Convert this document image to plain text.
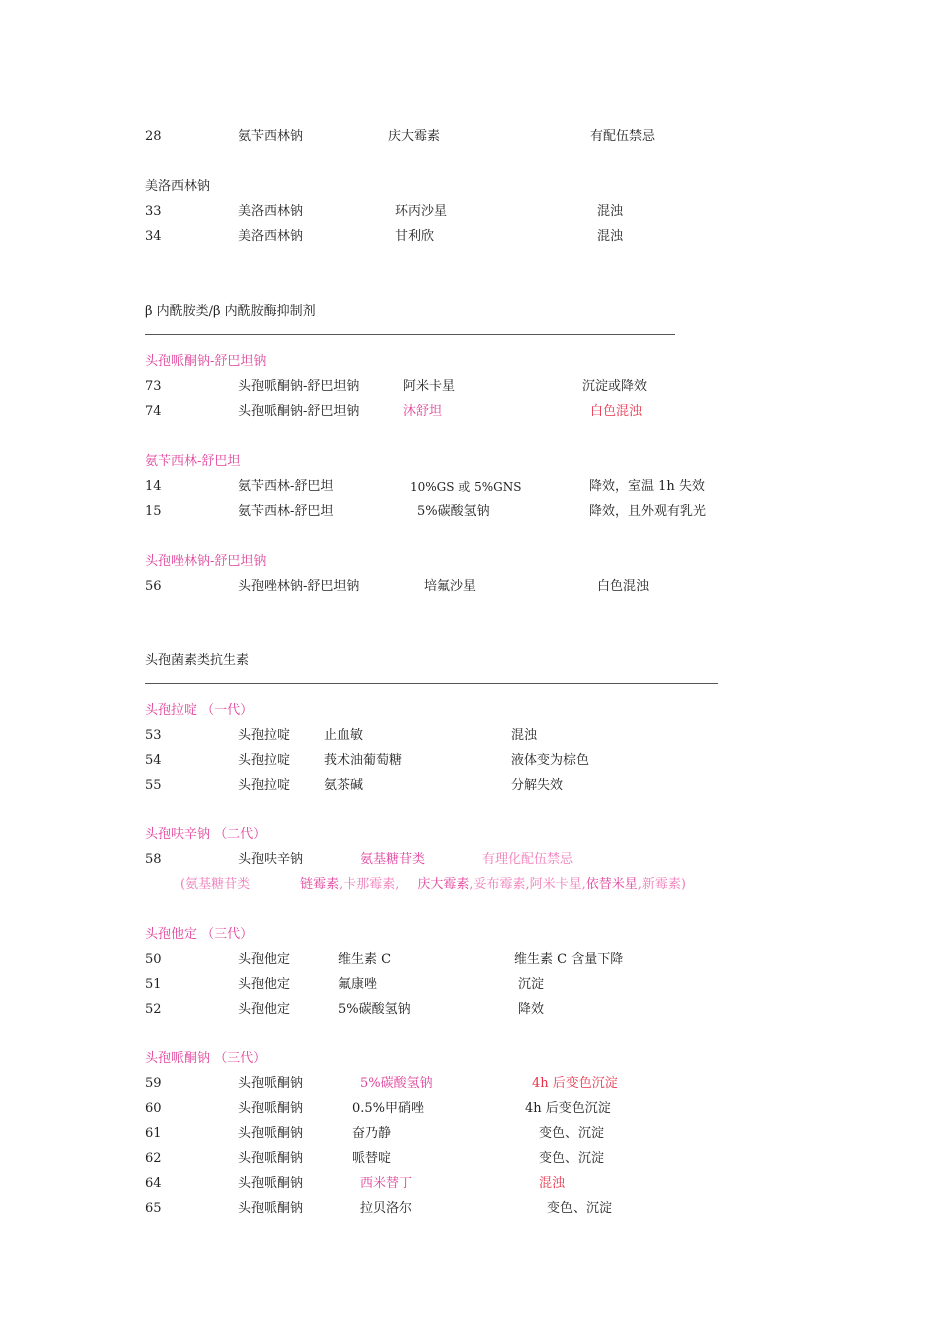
28	氨苄西林钠	庆大霉素	有配伍禁忌
美洛西林钠
33	美洛西林钠	环丙沙星	混浊
34	美洛西林钠	甘利欣	混浊
β 内酰胺类/β 内酰胺酶抑制剂
头孢哌酮钠-舒巴坦钠
73	头孢哌酮钠-舒巴坦钠	阿米卡星	沉淀或降效
74	头孢哌酮钠-舒巴坦钠	沐舒坦	白色混浊
氨苄西林-舒巴坦
14	氨苄西林-舒巴坦	10%GS 或 5%GNS	降效，室温 1h 失效
15	氨苄西林-舒巴坦	5%碳酸氢钠	降效，且外观有乳光
头孢唑林钠-舒巴坦钠
56	头孢唑林钠-舒巴坦钠	培氟沙星	白色混浊
头孢菌素类抗生素
头孢拉啶 （一代）
53	头孢拉啶	止血敏	混浊
54	头孢拉啶	莪术油葡萄糖	液体变为棕色
55	头孢拉啶	氨茶碱	分解失效
头孢呋辛钠 （二代）
58	头孢呋辛钠	氨基糖苷类	有理化配伍禁忌
(氨基糖苷类	链霉素,卡那霉素, 庆大霉素,妥布霉素,阿米卡星,依替米星,新霉素)
头孢他定 （三代）
50	头孢他定	维生素 C	维生素 C 含量下降
51	头孢他定	氟康唑	沉淀
52	头孢他定	5%碳酸氢钠	降效
头孢哌酮钠 （三代）
59	头孢哌酮钠	5%碳酸氢钠	4h 后变色沉淀
60	头孢哌酮钠	0.5%甲硝唑	4h 后变色沉淀
61	头孢哌酮钠	奋乃静	变色、沉淀
62	头孢哌酮钠	哌替啶	变色、沉淀
64	头孢哌酮钠	西米替丁	混浊
65	头孢哌酮钠	拉贝洛尔	变色、沉淀
